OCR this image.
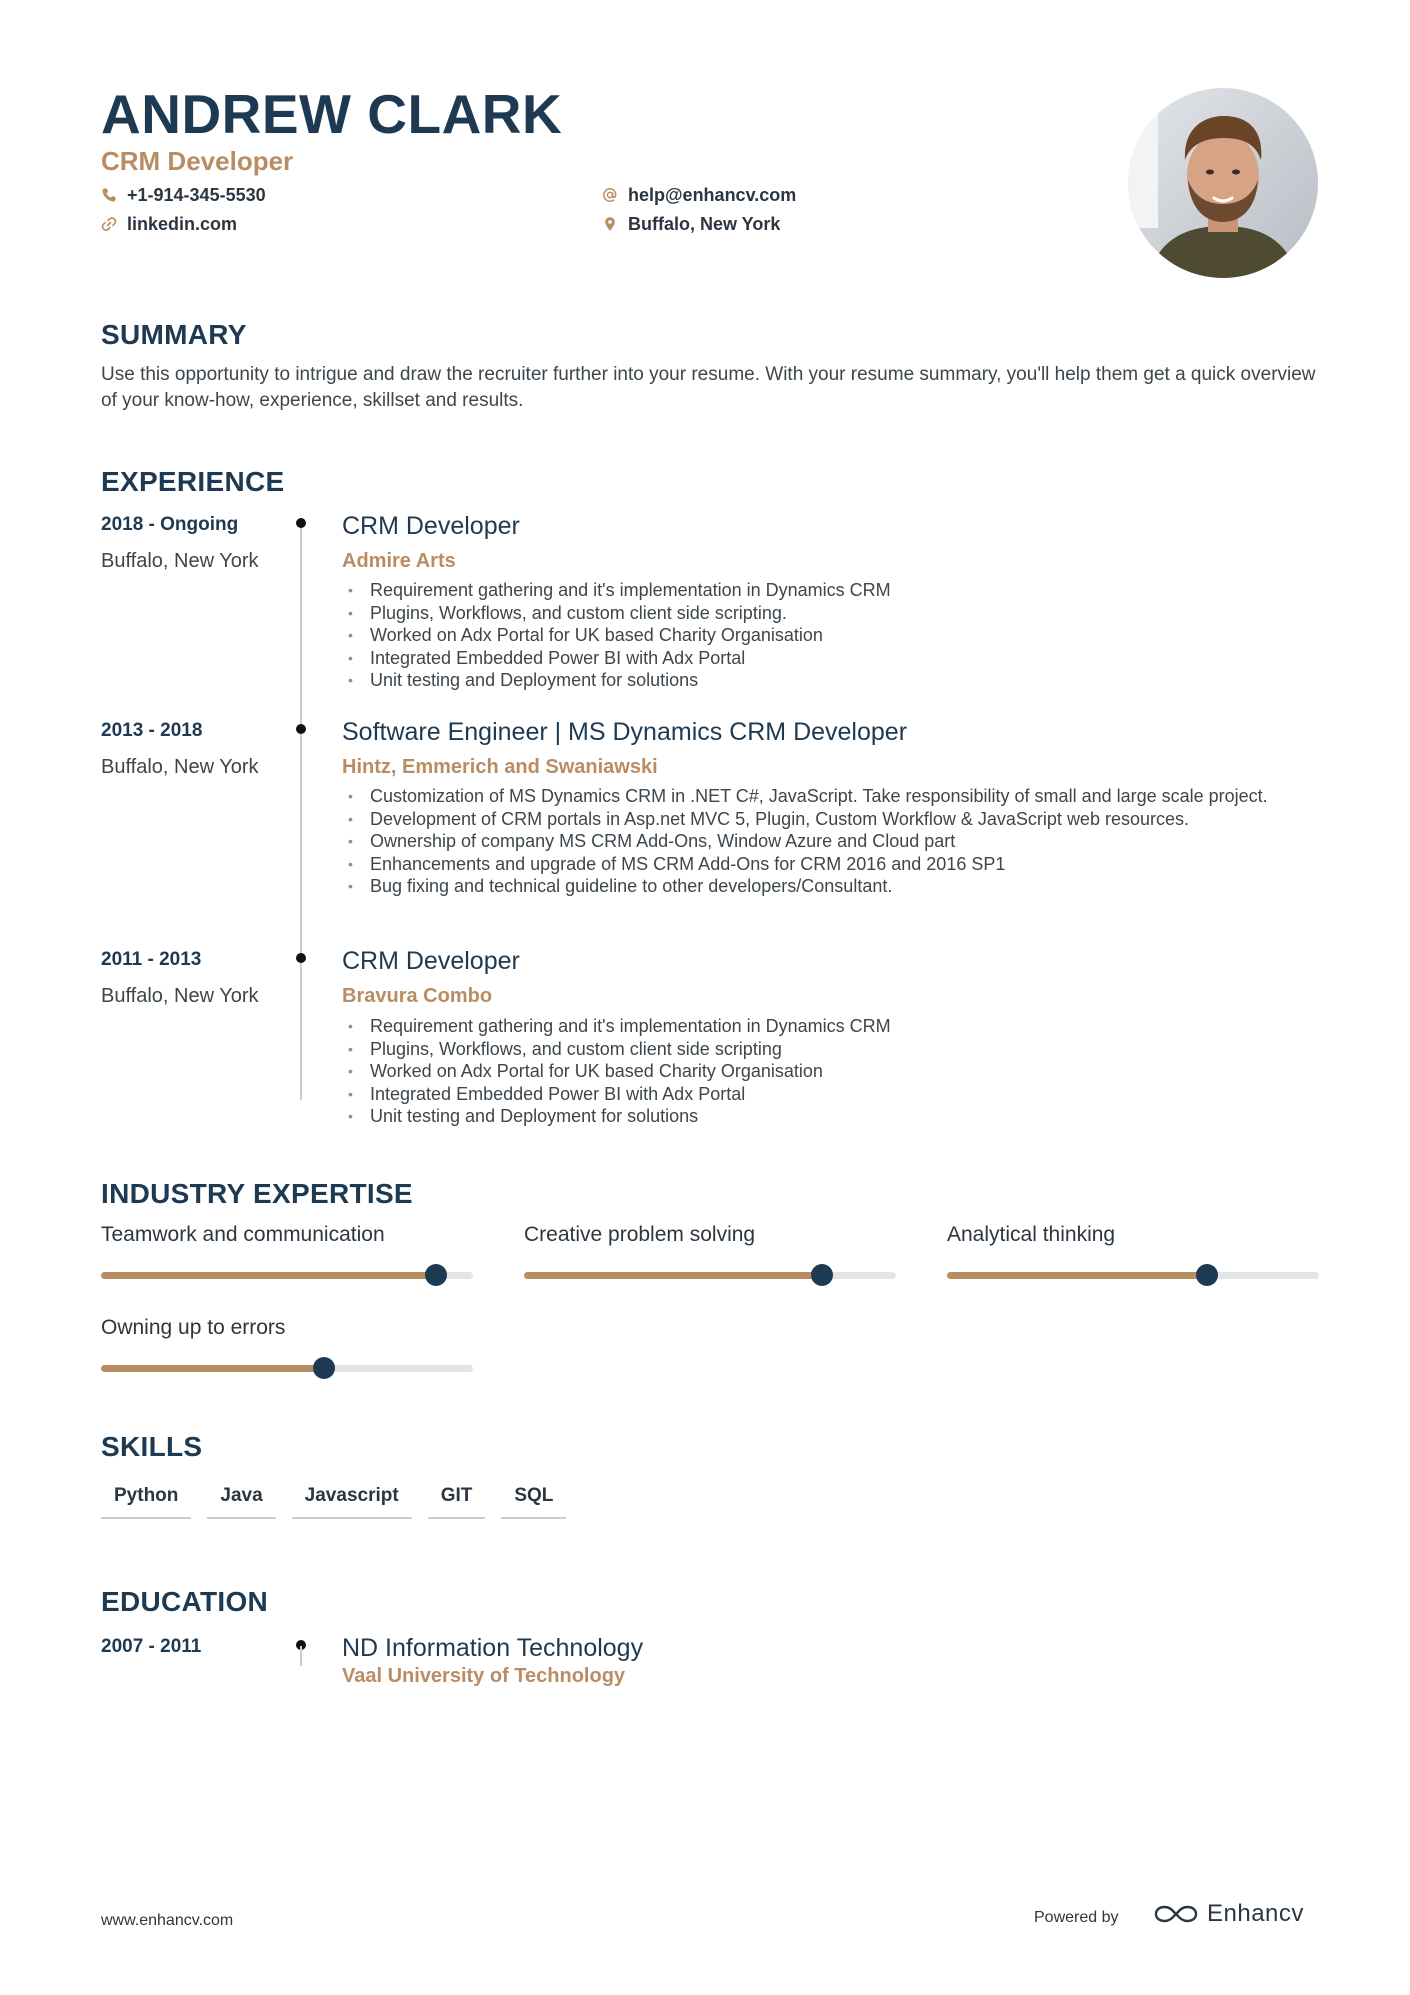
ANDREW CLARK
CRM Developer
+1-914-345-5530
linkedin.com
help@enhancv.com
Buffalo, New York
SUMMARY

Use this opportunity to intrigue and draw the recruiter further into your resume. With your resume summary, you'll help them get a quick overview of your know-how, experience, skillset and results.

EXPERIENCE
2018 - Ongoing
Buffalo, New York
CRM Developer
Admire Arts
• Requirement gathering and it's implementation in Dynamics CRM
• Plugins, Workflows, and custom client side scripting.
• Worked on Adx Portal for UK based Charity Organisation
• Integrated Embedded Power BI with Adx Portal
• Unit testing and Deployment for solutions
2013 - 2018
Buffalo, New York
Software Engineer | MS Dynamics CRM Developer
Hintz, Emmerich and Swaniawski
• Customization of MS Dynamics CRM in .NET C#, JavaScript. Take responsibility of small and large scale project.
• Development of CRM portals in Asp.net MVC 5, Plugin, Custom Workflow & JavaScript web resources.
• Ownership of company MS CRM Add-Ons, Window Azure and Cloud part
• Enhancements and upgrade of MS CRM Add-Ons for CRM 2016 and 2016 SP1
• Bug fixing and technical guideline to other developers/Consultant.
2011 - 2013
Buffalo, New York
CRM Developer
Bravura Combo
• Requirement gathering and it's implementation in Dynamics CRM
• Plugins, Workflows, and custom client side scripting
• Worked on Adx Portal for UK based Charity Organisation
• Integrated Embedded Power BI with Adx Portal
• Unit testing and Deployment for solutions
INDUSTRY EXPERTISE
Teamwork and communication	Creative problem solving	Analytical thinking
Owning up to errors
SKILLS
Python	Java	Javascript	GIT	SQL
EDUCATION
2007 - 2011	ND Information Technology
Vaal University of Technology
www.enhancv.com	Powered by	Enhancv
